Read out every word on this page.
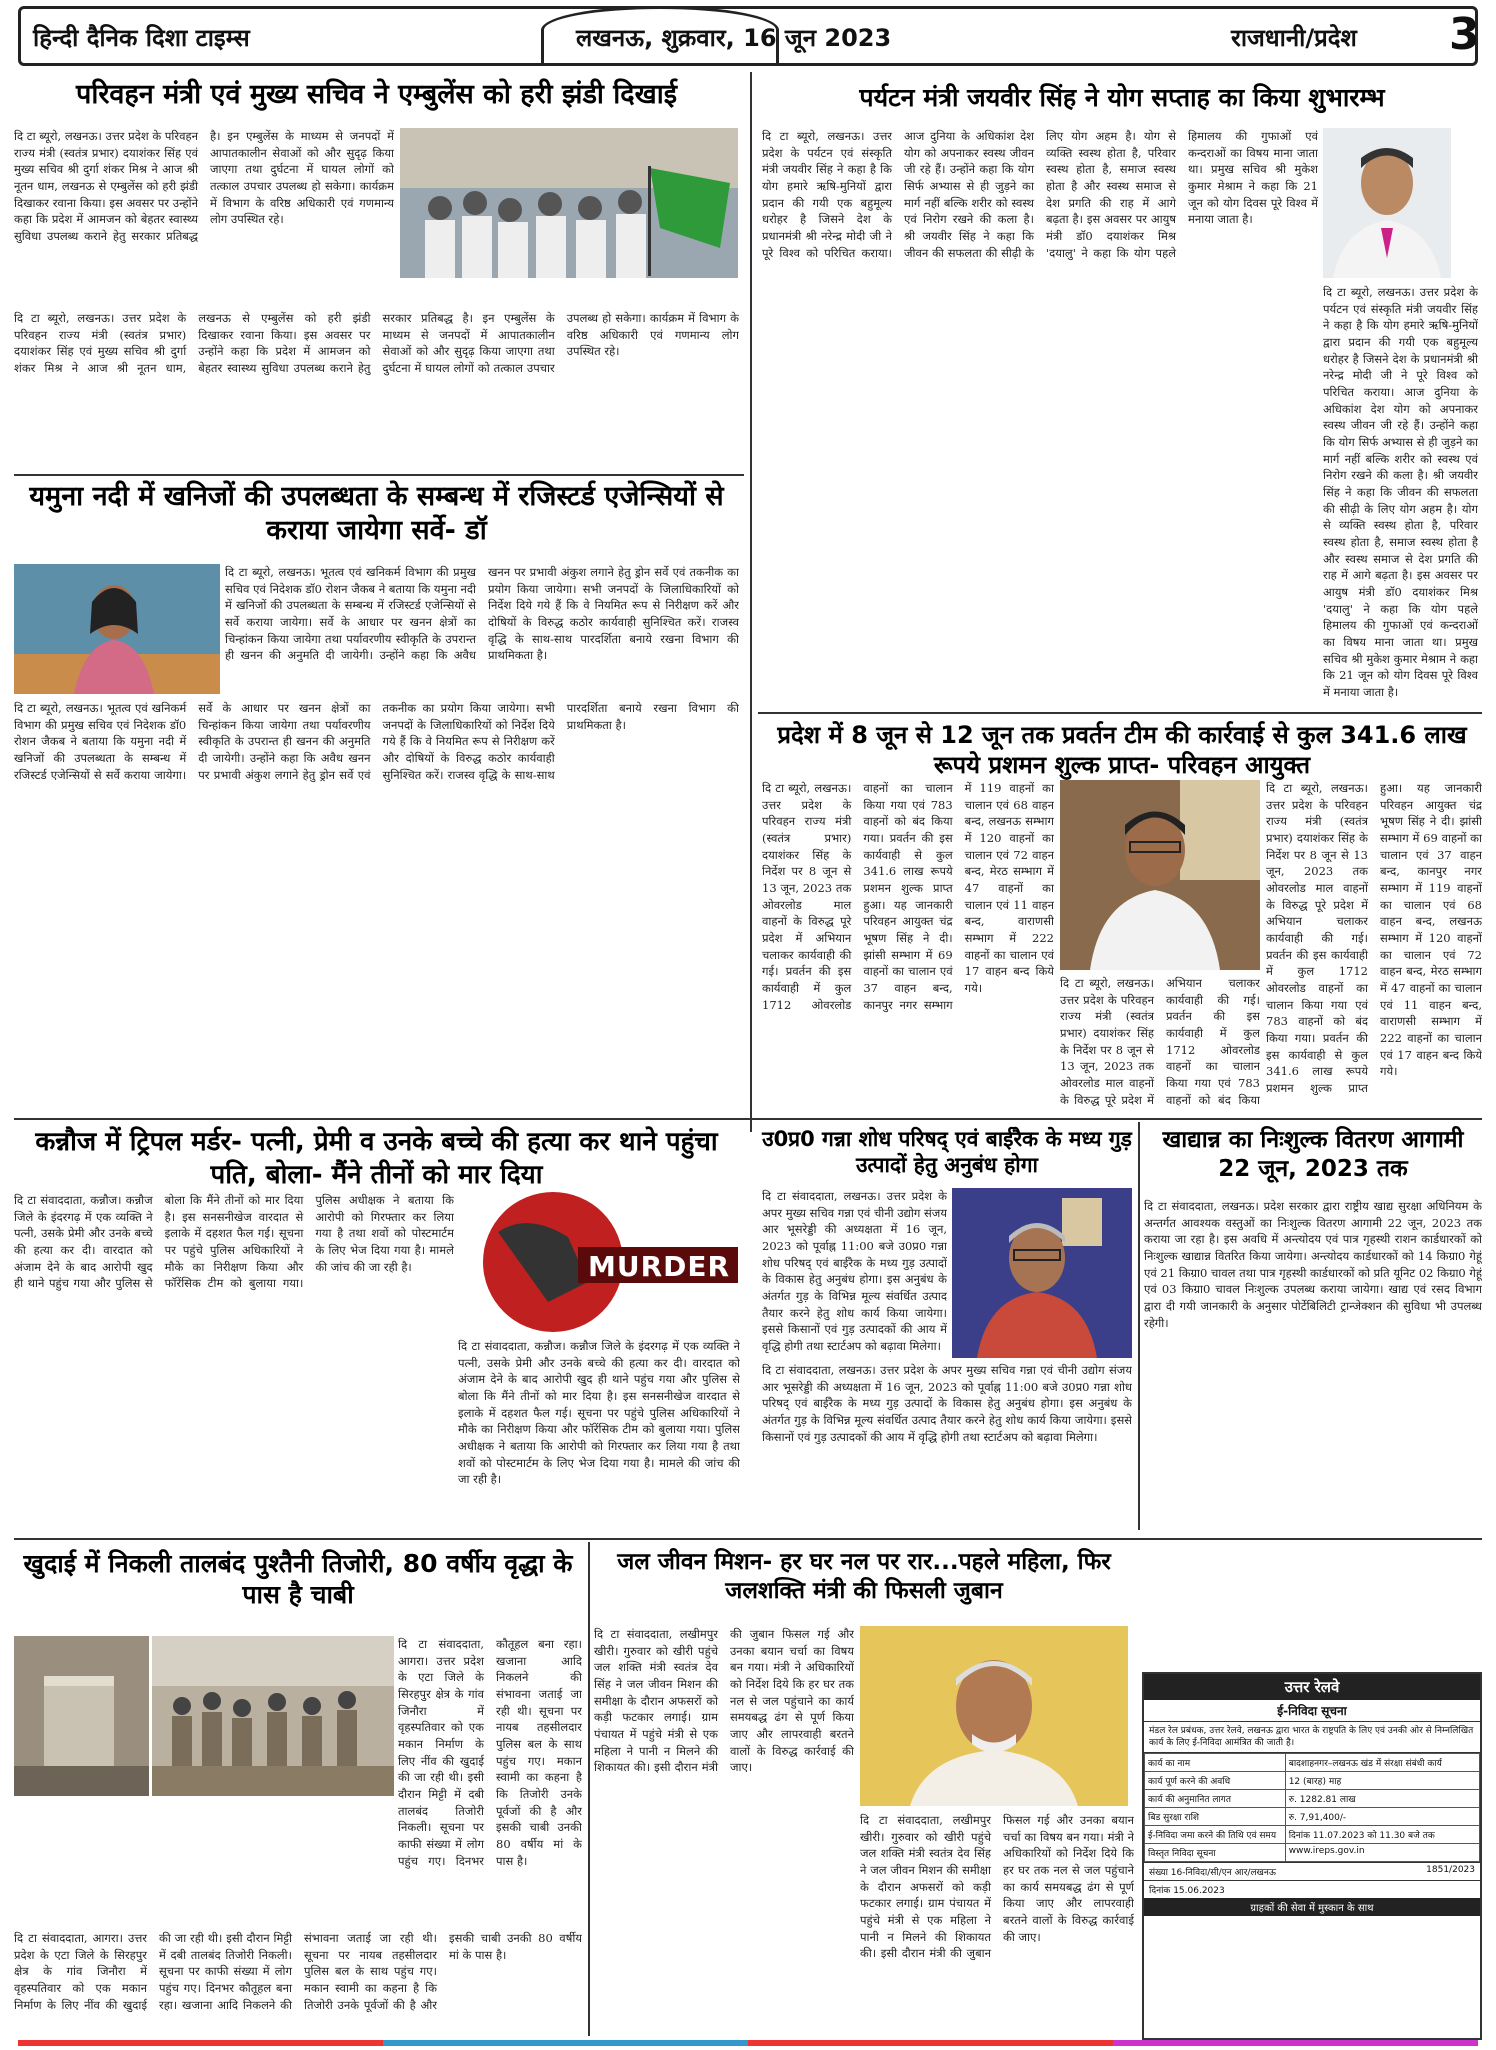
हिन्दी दैनिक दिशा टाइम्स	लखनऊ, शुक्रवार, 16 जून 2023	राजधानी/प्रदेश 3
परिवहन मंत्री एवं मुख्य सचिव ने एम्बुलेंस को हरी झंडी दिखाई
दि टा ब्यूरो, लखनऊ। उत्तर प्रदेश के परिवहन राज्य मंत्री (स्वतंत्र प्रभार) दयाशंकर सिंह एवं मुख्य सचिव श्री दुर्गा शंकर मिश्र ने आज श्री नूतन धाम, लखनऊ से एम्बुलेंस को हरी झंडी दिखाकर रवाना किया। इस अवसर पर उन्होंने कहा कि प्रदेश में आमजन को बेहतर स्वास्थ्य सुविधा उपलब्ध कराने हेतु सरकार प्रतिबद्ध है। इन एम्बुलेंस के माध्यम से जनपदों में आपातकालीन सेवाओं को और सुदृढ़ किया जाएगा तथा दुर्घटना में घायल लोगों को तत्काल उपचार उपलब्ध हो सकेगा। कार्यक्रम में विभाग के वरिष्ठ अधिकारी एवं गणमान्य लोग उपस्थित रहे।
दि टा ब्यूरो, लखनऊ। उत्तर प्रदेश के परिवहन राज्य मंत्री (स्वतंत्र प्रभार) दयाशंकर सिंह एवं मुख्य सचिव श्री दुर्गा शंकर मिश्र ने आज श्री नूतन धाम, लखनऊ से एम्बुलेंस को हरी झंडी दिखाकर रवाना किया। इस अवसर पर उन्होंने कहा कि प्रदेश में आमजन को बेहतर स्वास्थ्य सुविधा उपलब्ध कराने हेतु सरकार प्रतिबद्ध है। इन एम्बुलेंस के माध्यम से जनपदों में आपातकालीन सेवाओं को और सुदृढ़ किया जाएगा तथा दुर्घटना में घायल लोगों को तत्काल उपचार उपलब्ध हो सकेगा। कार्यक्रम में विभाग के वरिष्ठ अधिकारी एवं गणमान्य लोग उपस्थित रहे।
पर्यटन मंत्री जयवीर सिंह ने योग सप्ताह का किया शुभारम्भ
दि टा ब्यूरो, लखनऊ। उत्तर प्रदेश के पर्यटन एवं संस्कृति मंत्री जयवीर सिंह ने कहा है कि योग हमारे ऋषि-मुनियों द्वारा प्रदान की गयी एक बहुमूल्य धरोहर है जिसने देश के प्रधानमंत्री श्री नरेन्द्र मोदी जी ने पूरे विश्व को परिचित कराया। आज दुनिया के अधिकांश देश योग को अपनाकर स्वस्थ जीवन जी रहे हैं। उन्होंने कहा कि योग सिर्फ अभ्यास से ही जुड़ने का मार्ग नहीं बल्कि शरीर को स्वस्थ एवं निरोग रखने की कला है। श्री जयवीर सिंह ने कहा कि जीवन की सफलता की सीढ़ी के लिए योग अहम है। योग से व्यक्ति स्वस्थ होता है, परिवार स्वस्थ होता है, समाज स्वस्थ होता है और स्वस्थ समाज से देश प्रगति की राह में आगे बढ़ता है। इस अवसर पर आयुष मंत्री डॉ0 दयाशंकर मिश्र 'दयालु' ने कहा कि योग पहले हिमालय की गुफाओं एवं कन्दराओं का विषय माना जाता था। प्रमुख सचिव श्री मुकेश कुमार मेश्राम ने कहा कि 21 जून को योग दिवस पूरे विश्व में मनाया जाता है।
दि टा ब्यूरो, लखनऊ। उत्तर प्रदेश के पर्यटन एवं संस्कृति मंत्री जयवीर सिंह ने कहा है कि योग हमारे ऋषि-मुनियों द्वारा प्रदान की गयी एक बहुमूल्य धरोहर है जिसने देश के प्रधानमंत्री श्री नरेन्द्र मोदी जी ने पूरे विश्व को परिचित कराया। आज दुनिया के अधिकांश देश योग को अपनाकर स्वस्थ जीवन जी रहे हैं। उन्होंने कहा कि योग सिर्फ अभ्यास से ही जुड़ने का मार्ग नहीं बल्कि शरीर को स्वस्थ एवं निरोग रखने की कला है। श्री जयवीर सिंह ने कहा कि जीवन की सफलता की सीढ़ी के लिए योग अहम है। योग से व्यक्ति स्वस्थ होता है, परिवार स्वस्थ होता है, समाज स्वस्थ होता है और स्वस्थ समाज से देश प्रगति की राह में आगे बढ़ता है। इस अवसर पर आयुष मंत्री डॉ0 दयाशंकर मिश्र 'दयालु' ने कहा कि योग पहले हिमालय की गुफाओं एवं कन्दराओं का विषय माना जाता था। प्रमुख सचिव श्री मुकेश कुमार मेश्राम ने कहा कि 21 जून को योग दिवस पूरे विश्व में मनाया जाता है।
यमुना नदी में खनिजों की उपलब्धता के सम्बन्ध में रजिस्टर्ड एजेन्सियों से कराया जायेगा सर्वे- डॉ
दि टा ब्यूरो, लखनऊ। भूतत्व एवं खनिकर्म विभाग की प्रमुख सचिव एवं निदेशक डॉ0 रोशन जैकब ने बताया कि यमुना नदी में खनिजों की उपलब्धता के सम्बन्ध में रजिस्टर्ड एजेन्सियों से सर्वे कराया जायेगा। सर्वे के आधार पर खनन क्षेत्रों का चिन्हांकन किया जायेगा तथा पर्यावरणीय स्वीकृति के उपरान्त ही खनन की अनुमति दी जायेगी। उन्होंने कहा कि अवैध खनन पर प्रभावी अंकुश लगाने हेतु ड्रोन सर्वे एवं तकनीक का प्रयोग किया जायेगा। सभी जनपदों के जिलाधिकारियों को निर्देश दिये गये हैं कि वे नियमित रूप से निरीक्षण करें और दोषियों के विरुद्ध कठोर कार्यवाही सुनिश्चित करें। राजस्व वृद्धि के साथ-साथ पारदर्शिता बनाये रखना विभाग की प्राथमिकता है।
दि टा ब्यूरो, लखनऊ। भूतत्व एवं खनिकर्म विभाग की प्रमुख सचिव एवं निदेशक डॉ0 रोशन जैकब ने बताया कि यमुना नदी में खनिजों की उपलब्धता के सम्बन्ध में रजिस्टर्ड एजेन्सियों से सर्वे कराया जायेगा। सर्वे के आधार पर खनन क्षेत्रों का चिन्हांकन किया जायेगा तथा पर्यावरणीय स्वीकृति के उपरान्त ही खनन की अनुमति दी जायेगी। उन्होंने कहा कि अवैध खनन पर प्रभावी अंकुश लगाने हेतु ड्रोन सर्वे एवं तकनीक का प्रयोग किया जायेगा। सभी जनपदों के जिलाधिकारियों को निर्देश दिये गये हैं कि वे नियमित रूप से निरीक्षण करें और दोषियों के विरुद्ध कठोर कार्यवाही सुनिश्चित करें। राजस्व वृद्धि के साथ-साथ पारदर्शिता बनाये रखना विभाग की प्राथमिकता है।	प्रदेश में 8 जून से 12 जून तक प्रवर्तन टीम की कार्रवाई से कुल 341.6 लाख रूपये प्रशमन शुल्क प्राप्त- परिवहन आयुक्त
दि टा ब्यूरो, लखनऊ। उत्तर प्रदेश के परिवहन राज्य मंत्री (स्वतंत्र प्रभार) दयाशंकर सिंह के निर्देश पर 8 जून से 13 जून, 2023 तक ओवरलोड माल वाहनों के विरुद्ध पूरे प्रदेश में अभियान चलाकर कार्यवाही की गई। प्रवर्तन की इस कार्यवाही में कुल 1712 ओवरलोड वाहनों का चालान किया गया एवं 783 वाहनों को बंद किया गया। प्रवर्तन की इस कार्यवाही से कुल 341.6 लाख रूपये प्रशमन शुल्क प्राप्त हुआ। यह जानकारी परिवहन आयुक्त चंद्र भूषण सिंह ने दी। झांसी सम्भाग में 69 वाहनों का चालान एवं 37 वाहन बन्द, कानपुर नगर सम्भाग में 119 वाहनों का चालान एवं 68 वाहन बन्द, लखनऊ सम्भाग में 120 वाहनों का चालान एवं 72 वाहन बन्द, मेरठ सम्भाग में 47 वाहनों का चालान एवं 11 वाहन बन्द, वाराणसी सम्भाग में 222 वाहनों का चालान एवं 17 वाहन बन्द किये गये।
दि टा ब्यूरो, लखनऊ। उत्तर प्रदेश के परिवहन राज्य मंत्री (स्वतंत्र प्रभार) दयाशंकर सिंह के निर्देश पर 8 जून से 13 जून, 2023 तक ओवरलोड माल वाहनों के विरुद्ध पूरे प्रदेश में अभियान चलाकर कार्यवाही की गई। प्रवर्तन की इस कार्यवाही में कुल 1712 ओवरलोड वाहनों का चालान किया गया एवं 783 वाहनों को बंद किया गया। प्रवर्तन की इस कार्यवाही से कुल 341.6 लाख रूपये प्रशमन शुल्क प्राप्त हुआ। यह जानकारी परिवहन आयुक्त चंद्र भूषण सिंह ने दी। झांसी सम्भाग में 69 वाहनों का चालान एवं 37 वाहन बन्द, कानपुर नगर सम्भाग में 119 वाहनों का चालान एवं 68 वाहन बन्द, लखनऊ सम्भाग में 120 वाहनों का चालान एवं 72 वाहन बन्द, मेरठ सम्भाग में 47 वाहनों का चालान एवं 11 वाहन बन्द, वाराणसी सम्भाग में 222 वाहनों का चालान एवं 17 वाहन बन्द किये गये।
दि टा ब्यूरो, लखनऊ। उत्तर प्रदेश के परिवहन राज्य मंत्री (स्वतंत्र प्रभार) दयाशंकर सिंह के निर्देश पर 8 जून से 13 जून, 2023 तक ओवरलोड माल वाहनों के विरुद्ध पूरे प्रदेश में अभियान चलाकर कार्यवाही की गई। प्रवर्तन की इस कार्यवाही में कुल 1712 ओवरलोड वाहनों का चालान किया गया एवं 783 वाहनों को बंद किया
कन्नौज में ट्रिपल मर्डर- पत्नी, प्रेमी व उनके बच्चे की हत्या कर थाने पहुंचा पति, बोला- मैंने तीनों को मार दिया
MURDER
दि टा संवाददाता, कन्नौज। कन्नौज जिले के इंदरगढ़ में एक व्यक्ति ने पत्नी, उसके प्रेमी और उनके बच्चे की हत्या कर दी। वारदात को अंजाम देने के बाद आरोपी खुद ही थाने पहुंच गया और पुलिस से बोला कि मैंने तीनों को मार दिया है। इस सनसनीखेज वारदात से इलाके में दहशत फैल गई। सूचना पर पहुंचे पुलिस अधिकारियों ने मौके का निरीक्षण किया और फॉरेंसिक टीम को बुलाया गया। पुलिस अधीक्षक ने बताया कि आरोपी को गिरफ्तार कर लिया गया है तथा शवों को पोस्टमार्टम के लिए भेज दिया गया है। मामले की जांच की जा रही है।
दि टा संवाददाता, कन्नौज। कन्नौज जिले के इंदरगढ़ में एक व्यक्ति ने पत्नी, उसके प्रेमी और उनके बच्चे की हत्या कर दी। वारदात को अंजाम देने के बाद आरोपी खुद ही थाने पहुंच गया और पुलिस से बोला कि मैंने तीनों को मार दिया है। इस सनसनीखेज वारदात से इलाके में दहशत फैल गई। सूचना पर पहुंचे पुलिस अधिकारियों ने मौके का निरीक्षण किया और फॉरेंसिक टीम को बुलाया गया। पुलिस अधीक्षक ने बताया कि आरोपी को गिरफ्तार कर लिया गया है तथा शवों को पोस्टमार्टम के लिए भेज दिया गया है। मामले की जांच की जा रही है।
उ0प्र0 गन्ना शोध परिषद् एवं बाईरैक के मध्य गुड़ उत्पादों हेतु अनुबंध होगा
दि टा संवाददाता, लखनऊ। उत्तर प्रदेश के अपर मुख्य सचिव गन्ना एवं चीनी उद्योग संजय आर भूसरेड्डी की अध्यक्षता में 16 जून, 2023 को पूर्वाह्न 11:00 बजे उ0प्र0 गन्ना शोध परिषद् एवं बाईरैक के मध्य गुड़ उत्पादों के विकास हेतु अनुबंध होगा। इस अनुबंध के अंतर्गत गुड़ के विभिन्न मूल्य संवर्धित उत्पाद तैयार करने हेतु शोध कार्य किया जायेगा। इससे किसानों एवं गुड़ उत्पादकों की आय में वृद्धि होगी तथा स्टार्टअप को बढ़ावा मिलेगा।
दि टा संवाददाता, लखनऊ। उत्तर प्रदेश के अपर मुख्य सचिव गन्ना एवं चीनी उद्योग संजय आर भूसरेड्डी की अध्यक्षता में 16 जून, 2023 को पूर्वाह्न 11:00 बजे उ0प्र0 गन्ना शोध परिषद् एवं बाईरैक के मध्य गुड़ उत्पादों के विकास हेतु अनुबंध होगा। इस अनुबंध के अंतर्गत गुड़ के विभिन्न मूल्य संवर्धित उत्पाद तैयार करने हेतु शोध कार्य किया जायेगा। इससे किसानों एवं गुड़ उत्पादकों की आय में वृद्धि होगी तथा स्टार्टअप को बढ़ावा मिलेगा।
खाद्यान्न का निःशुल्क वितरण आगामी 22 जून, 2023 तक
दि टा संवाददाता, लखनऊ। प्रदेश सरकार द्वारा राष्ट्रीय खाद्य सुरक्षा अधिनियम के अन्तर्गत आवश्यक वस्तुओं का निःशुल्क वितरण आगामी 22 जून, 2023 तक कराया जा रहा है। इस अवधि में अन्त्योदय एवं पात्र गृहस्थी राशन कार्डधारकों को निःशुल्क खाद्यान्न वितरित किया जायेगा। अन्त्योदय कार्डधारकों को 14 किग्रा0 गेहूं एवं 21 किग्रा0 चावल तथा पात्र गृहस्थी कार्डधारकों को प्रति यूनिट 02 किग्रा0 गेहूं एवं 03 किग्रा0 चावल निःशुल्क उपलब्ध कराया जायेगा। खाद्य एवं रसद विभाग द्वारा दी गयी जानकारी के अनुसार पोर्टेबिलिटी ट्रान्जेक्शन की सुविधा भी उपलब्ध रहेगी।
खुदाई में निकली तालबंद पुश्तैनी तिजोरी, 80 वर्षीय वृद्धा के पास है चाबी
दि टा संवाददाता, आगरा। उत्तर प्रदेश के एटा जिले के सिरहपुर क्षेत्र के गांव जिनौरा में वृहस्पतिवार को एक मकान निर्माण के लिए नींव की खुदाई की जा रही थी। इसी दौरान मिट्टी में दबी तालबंद तिजोरी निकली। सूचना पर काफी संख्या में लोग पहुंच गए। दिनभर कौतूहल बना रहा। खजाना आदि निकलने की संभावना जताई जा रही थी। सूचना पर नायब तहसीलदार पुलिस बल के साथ पहुंच गए। मकान स्वामी का कहना है कि तिजोरी उनके पूर्वजों की है और इसकी चाबी उनकी 80 वर्षीय मां के पास है।
दि टा संवाददाता, आगरा। उत्तर प्रदेश के एटा जिले के सिरहपुर क्षेत्र के गांव जिनौरा में वृहस्पतिवार को एक मकान निर्माण के लिए नींव की खुदाई की जा रही थी। इसी दौरान मिट्टी में दबी तालबंद तिजोरी निकली। सूचना पर काफी संख्या में लोग पहुंच गए। दिनभर कौतूहल बना रहा। खजाना आदि निकलने की संभावना जताई जा रही थी। सूचना पर नायब तहसीलदार पुलिस बल के साथ पहुंच गए। मकान स्वामी का कहना है कि तिजोरी उनके पूर्वजों की है और इसकी चाबी उनकी 80 वर्षीय मां के पास है।
जल जीवन मिशन- हर घर नल पर रार...पहले महिला, फिर जलशक्ति मंत्री की फिसली जुबान
दि टा संवाददाता, लखीमपुर खीरी। गुरुवार को खीरी पहुंचे जल शक्ति मंत्री स्वतंत्र देव सिंह ने जल जीवन मिशन की समीक्षा के दौरान अफसरों को कड़ी फटकार लगाई। ग्राम पंचायत में पहुंचे मंत्री से एक महिला ने पानी न मिलने की शिकायत की। इसी दौरान मंत्री की जुबान फिसल गई और उनका बयान चर्चा का विषय बन गया। मंत्री ने अधिकारियों को निर्देश दिये कि हर घर तक नल से जल पहुंचाने का कार्य समयबद्ध ढंग से पूर्ण किया जाए और लापरवाही बरतने वालों के विरुद्ध कार्रवाई की जाए।
दि टा संवाददाता, लखीमपुर खीरी। गुरुवार को खीरी पहुंचे जल शक्ति मंत्री स्वतंत्र देव सिंह ने जल जीवन मिशन की समीक्षा के दौरान अफसरों को कड़ी फटकार लगाई। ग्राम पंचायत में पहुंचे मंत्री से एक महिला ने पानी न मिलने की शिकायत की। इसी दौरान मंत्री की जुबान फिसल गई और उनका बयान चर्चा का विषय बन गया। मंत्री ने अधिकारियों को निर्देश दिये कि हर घर तक नल से जल पहुंचाने का कार्य समयबद्ध ढंग से पूर्ण किया जाए और लापरवाही बरतने वालों के विरुद्ध कार्रवाई की जाए।
उत्तर रेलवे
ई-निविदा सूचना
मंडल रेल प्रबंधक, उत्तर रेलवे, लखनऊ द्वारा भारत के राष्ट्रपति के लिए एवं उनकी ओर से निम्नलिखित कार्य के लिए ई-निविदा आमंत्रित की जाती है।
कार्य का नाम	बादशाहनगर–लखनऊ खंड में संरक्षा संबंधी कार्य
कार्य पूर्ण करने की अवधि	12 (बारह) माह
कार्य की अनुमानित लागत	रु. 1282.81 लाख
बिड सुरक्षा राशि	रु. 7,91,400/-
ई-निविदा जमा करने की तिथि एवं समय	दिनांक 11.07.2023 को 11.30 बजे तक
विस्तृत निविदा सूचना	www.ireps.gov.in
संख्या 16-निविदा/सी/एन आर/लखनऊ	1851/2023
दिनांक 15.06.2023
ग्राहकों की सेवा में मुस्कान के साथ
